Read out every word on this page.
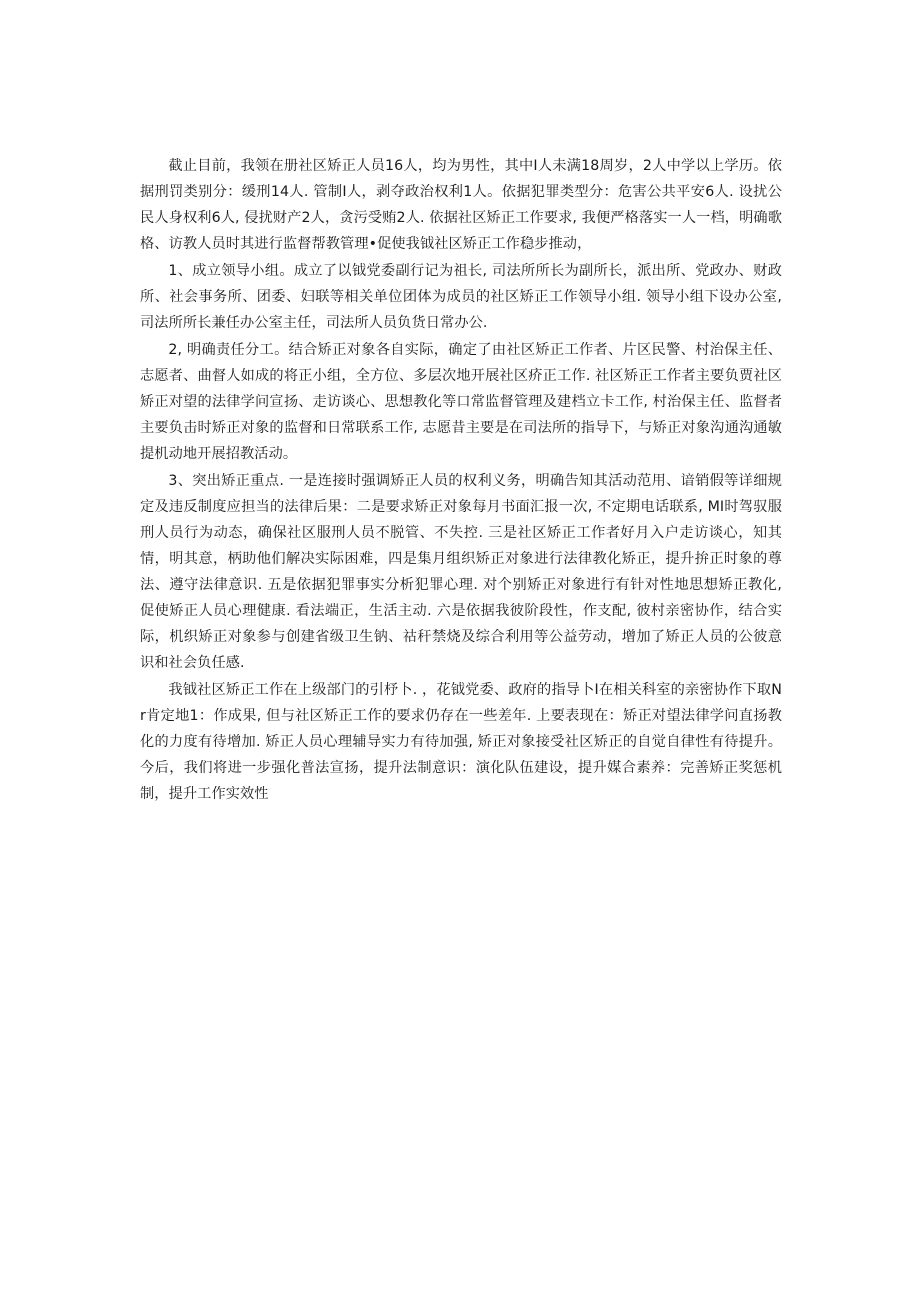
截止目前，我领在册社区矫正人员16人，均为男性，其中I人未满18周岁，2人中学以上学历。依据刑罚类别分：缓刑14人. 管制I人，剥夺政治权利1人。依据犯罪类型分：危害公共平安6人. 设扰公民人身权利6人, 侵扰财产2人，贪污受贿2人. 依据社区矫正工作要求, 我便严格落实一人一档，明确歌格、访教人员时其进行监督帮教管理•促使我钺社区矫正工作稳步推动，

1、成立领导小组。成立了以钺党委副行记为祖长, 司法所所长为副所长，派出所、党政办、财政所、社会事务所、团委、妇联等相关单位团体为成员的社区矫正工作领导小组. 领导小组下设办公室, 司法所所长兼任办公室主任，司法所人员负货日常办公.

2, 明确责任分工。结合矫正对象各自实际，确定了由社区矫正工作者、片区民警、村治保主任、志愿者、曲督人如成的将正小组，全方位、多层次地开展社区疥正工作. 社区矫正工作者主要负贾社区矫正对望的法律学问宣扬、走访谈心、思想教化等口常监督管理及建档立卡工作, 村治保主任、监督者主要负击时矫正对象的监督和日常联系工作, 志愿昔主要是在司法所的指导下，与矫正对象沟通沟通敏提机动地开展招教活动。

3、突出矫正重点. 一是连接时强调矫正人员的权利义务，明确告知其活动范用、谙销假等详细规定及违反制度应担当的法律后果：二是要求矫正对象每月书面汇报一次, 不定期电话联系, MI时驾驭服刑人员行为动态，确保社区服刑人员不脱管、不失控. 三是社区矫正工作者好月入户走访谈心，知其情，明其意，柄助他们解决实际困难，四是集月组织矫正对象进行法律教化矫正，提升拚正时象的尊法、遵守法律意识. 五是依据犯罪事实分析犯罪心理. 对个别矫正对象进行有针对性地思想矫正教化, 促使矫正人员心理健康. 看法端正，生活主动. 六是依据我彼阶段性，作支配, 彼村亲密协作，结合实际，机织矫正对象参与创建省级卫生钠、祜秆禁烧及综合利用等公益劳动，增加了矫正人员的公彼意识和社会负任感.

我钺社区矫正工作在上级部门的引杼卜. ，花钺党委、政府的指导卜I在相关科室的亲密协作下取Nr肯定地1：作成果, 但与社区矫正工作的要求仍存在一些差年. 上要表现在：矫正对望法律学问直扬教化的力度有待增加. 矫正人员心理辅导实力有待加强, 矫正对象接受社区矫正的自觉自律性有待提升。今后，我们将进一步强化普法宣扬，提升法制意识：演化队伍建设，提升媒合素养：完善矫正奖惩机制，提升工作实效性
